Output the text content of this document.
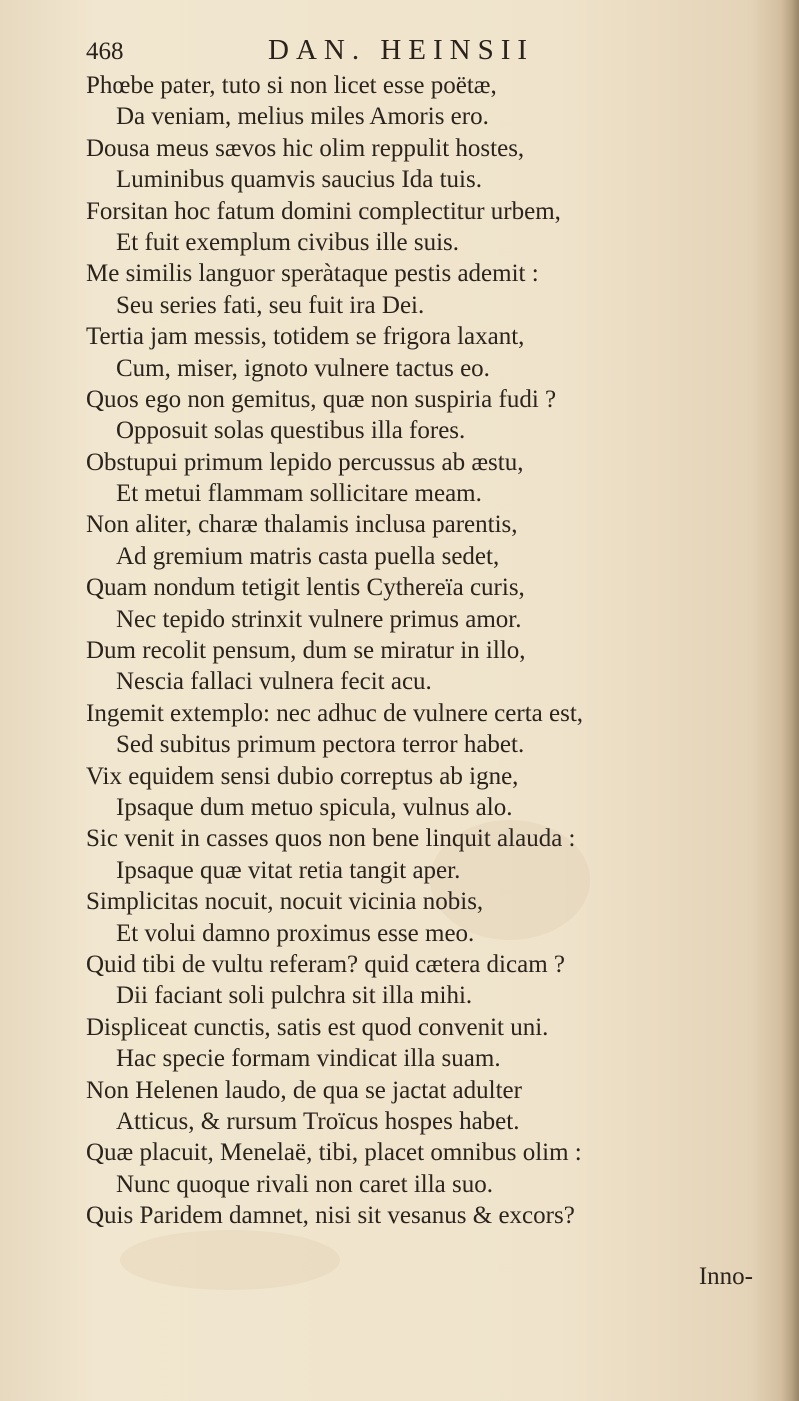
468	DAN. HEINSII
Phœbe pater, tuto si non licet esse poëtæ,
Da veniam, melius miles Amoris ero.
Dousa meus sævos hic olim reppulit hostes,
Luminibus quamvis saucius Ida tuis.
Forsitan hoc fatum domini complectitur urbem,
Et fuit exemplum civibus ille suis.
Me similis languor speràtaque pestis ademit :
Seu series fati, seu fuit ira Dei.
Tertia jam messis, totidem se frigora laxant,
Cum, miser, ignoto vulnere tactus eo.
Quos ego non gemitus, quæ non suspiria fudi ?
Opposuit solas questibus illa fores.
Obstupui primum lepido percussus ab æstu,
Et metui flammam sollicitare meam.
Non aliter, charæ thalamis inclusa parentis,
Ad gremium matris casta puella sedet,
Quam nondum tetigit lentis Cythereïa curis,
Nec tepido strinxit vulnere primus amor.
Dum recolit pensum, dum se miratur in illo,
Nescia fallaci vulnera fecit acu.
Ingemit extemplo: nec adhuc de vulnere certa est,
Sed subitus primum pectora terror habet.
Vix equidem sensi dubio correptus ab igne,
Ipsaque dum metuo spicula, vulnus alo.
Sic venit in casses quos non bene linquit alauda :
Ipsaque quæ vitat retia tangit aper.
Simplicitas nocuit, nocuit vicinia nobis,
Et volui damno proximus esse meo.
Quid tibi de vultu referam? quid cætera dicam ?
Dii faciant soli pulchra sit illa mihi.
Displiceat cunctis, satis est quod convenit uni.
Hac specie formam vindicat illa suam.
Non Helenen laudo, de qua se jactat adulter
Atticus, & rursum Troïcus hospes habet.
Quæ placuit, Menelaë, tibi, placet omnibus olim :
Nunc quoque rivali non caret illa suo.
Quis Paridem damnet, nisi sit vesanus & excors?
Inno-
